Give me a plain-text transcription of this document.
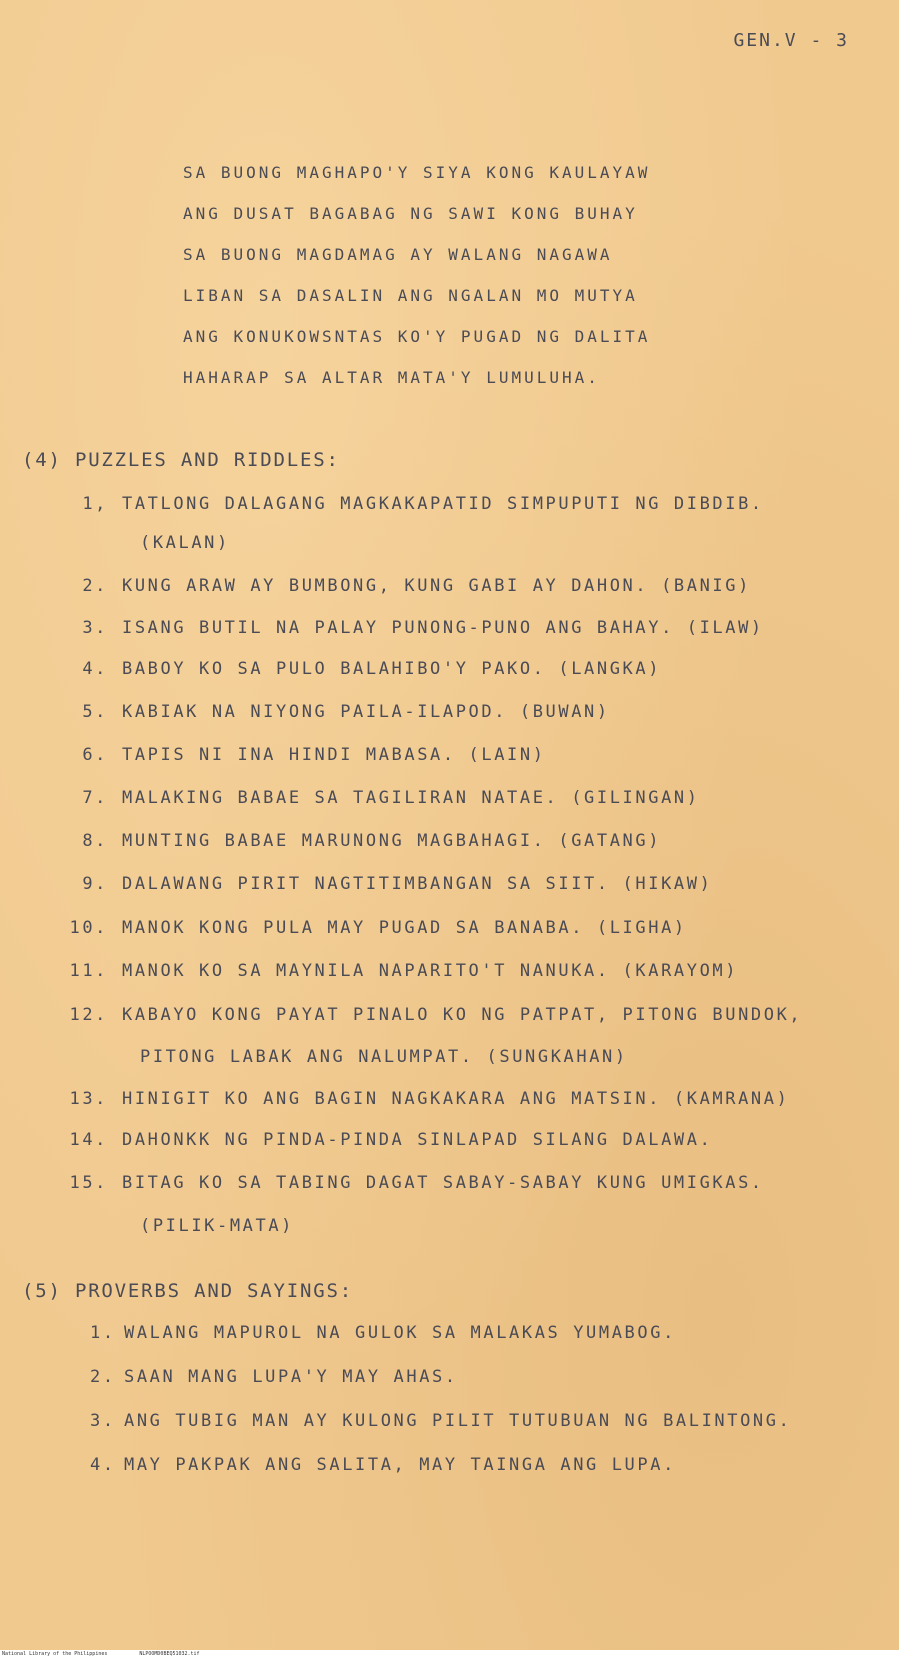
GEN.V - 3
SA BUONG MAGHAPO'Y SIYA KONG KAULAYAW
ANG DUSAT BAGABAG NG SAWI KONG BUHAY
SA BUONG MAGDAMAG AY WALANG NAGAWA
LIBAN SA DASALIN ANG NGALAN MO MUTYA
ANG KONUKOWSNTAS KO'Y PUGAD NG DALITA
HAHARAP SA ALTAR MATA'Y LUMULUHA.
(4) PUZZLES AND RIDDLES:
1, TATLONG DALAGANG MAGKAKAPATID SIMPUPUTI NG DIBDIB.
(KALAN)
2. KUNG ARAW AY BUMBONG, KUNG GABI AY DAHON. (BANIG)
3. ISANG BUTIL NA PALAY PUNONG-PUNO ANG BAHAY. (ILAW)
4. BABOY KO SA PULO BALAHIBO'Y PAKO. (LANGKA)
5. KABIAK NA NIYONG PAILA-ILAPOD. (BUWAN)
6. TAPIS NI INA HINDI MABASA. (LAIN)
7. MALAKING BABAE SA TAGILIRAN NATAE. (GILINGAN)
8. MUNTING BABAE MARUNONG MAGBAHAGI. (GATANG)
9. DALAWANG PIRIT NAGTITIMBANGAN SA SIIT. (HIKAW)
10. MANOK KONG PULA MAY PUGAD SA BANABA. (LIGHA)
11. MANOK KO SA MAYNILA NAPARITO'T NANUKA. (KARAYOM)
12. KABAYO KONG PAYAT PINALO KO NG PATPAT, PITONG BUNDOK,
PITONG LABAK ANG NALUMPAT. (SUNGKAHAN)
13. HINIGIT KO ANG BAGIN NAGKAKARA ANG MATSIN. (KAMRANA)
14. DAHONKK NG PINDA-PINDA SINLAPAD SILANG DALAWA.
15. BITAG KO SA TABING DAGAT SABAY-SABAY KUNG UMIGKAS.
(PILIK-MATA)
(5) PROVERBS AND SAYINGS:
1. WALANG MAPUROL NA GULOK SA MALAKAS YUMABOG.
2. SAAN MANG LUPA'Y MAY AHAS.
3. ANG TUBIG MAN AY KULONG PILIT TUTUBUAN NG BALINTONG.
4. MAY PAKPAK ANG SALITA, MAY TAINGA ANG LUPA.
National Library of the Philippines	NLPOOMD0BEQ51032.tif
